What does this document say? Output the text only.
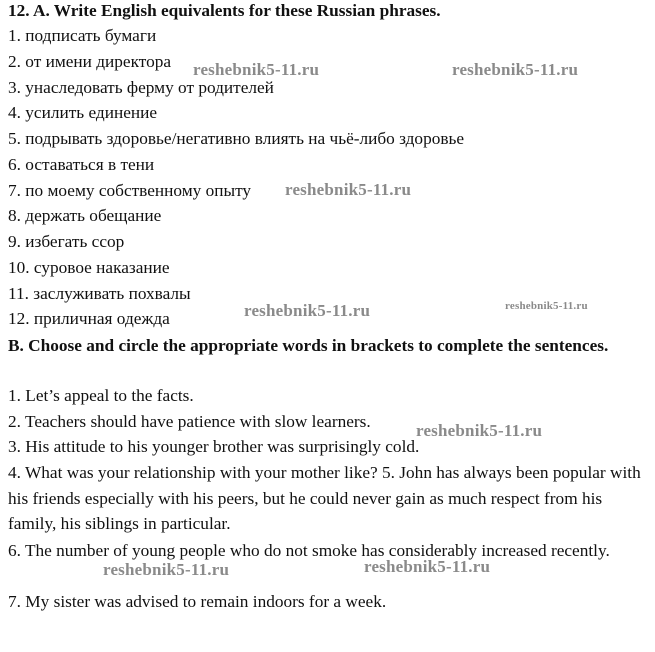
12. A. Write English equivalents for these Russian phrases.
1. подписать бумаги
2. от имени директора
3. унаследовать ферму от родителей
4. усилить единение
5. подрывать здоровье/негативно влиять на чьё-либо здоровье
6. оставаться в тени
7. по моему собственному опыту
8. держать обещание
9. избегать ссор
10. суровое наказание
11. заслуживать похвалы
12. приличная одежда
B. Choose and circle the appropriate words in brackets to complete the sentences.
1. Let’s appeal to the facts.
2. Teachers should have patience with slow learners.
3. His attitude to his younger brother was surprisingly cold.
4. What was your relationship with your mother like? 5. John has always been popular with his friends especially with his peers, but he could never gain as much respect from his family, his siblings in particular.
6. The number of young people who do not smoke has considerably increased recently.
7. My sister was advised to remain indoors for a week.
reshebnik5-11.ru	reshebnik5-11.ru
reshebnik5-11.ru
reshebnik5-11.ru	reshebnik5-11.ru
reshebnik5-11.ru
reshebnik5-11.ru	reshebnik5-11.ru
